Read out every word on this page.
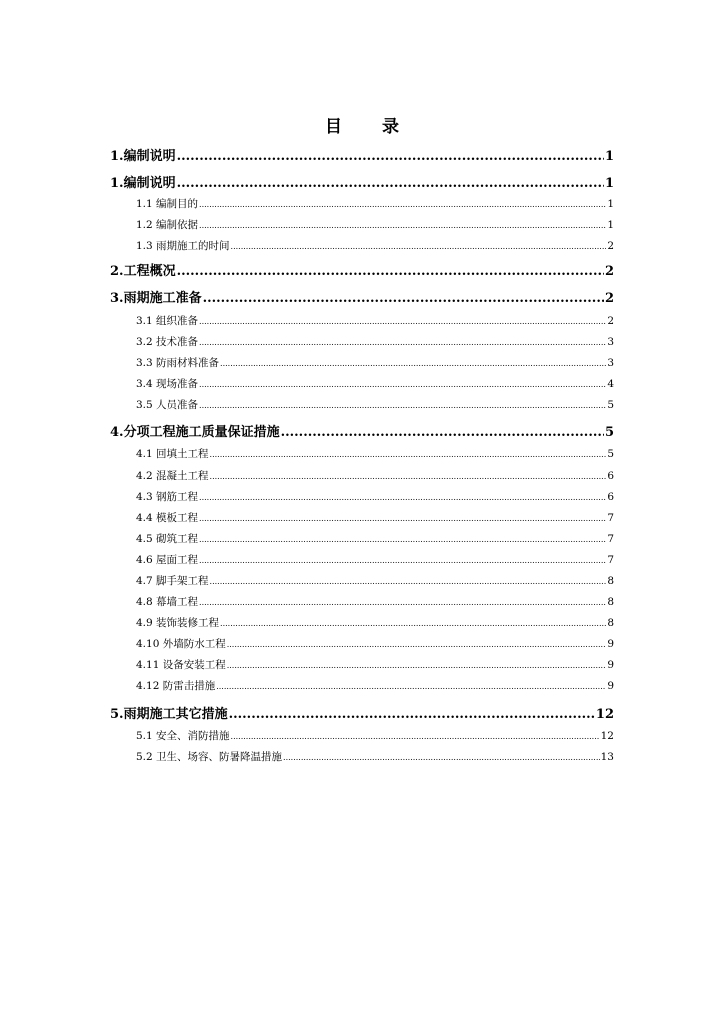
目 录
1.编制说明 .....	1
1.编制说明 .....	1
1.1 编制目的 .....	1
1.2 编制依据 .....	1
1.3 雨期施工的时间 .....	2
2.工程概况 .....	2
3.雨期施工准备 .....	2
3.1 组织准备 .....	2
3.2 技术准备 .....	3
3.3 防雨材料准备 .....	3
3.4 现场准备 .....	4
3.5 人员准备 .....	5
4.分项工程施工质量保证措施 .....	5
4.1 回填土工程 .....	5
4.2 混凝土工程 .....	6
4.3 钢筋工程 .....	6
4.4 模板工程 .....	7
4.5 砌筑工程 .....	7
4.6 屋面工程 .....	7
4.7 脚手架工程 .....	8
4.8 幕墙工程 .....	8
4.9 装饰装修工程 .....	8
4.10 外墙防水工程 .....	9
4.11 设备安装工程 .....	9
4.12 防雷击措施 .....	9
5.雨期施工其它措施 .....	12
5.1 安全、消防措施 .....	12
5.2 卫生、场容、防暑降温措施 .....	13
